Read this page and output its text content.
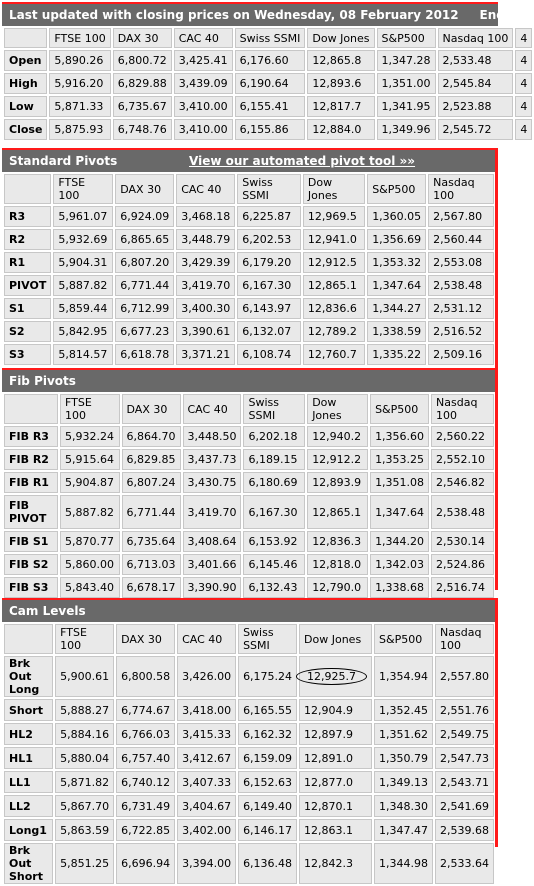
Last updated with closing prices on Wednesday, 08 February 2012 End o
	FTSE 100	DAX 30	CAC 40	Swiss SSMI	Dow Jones	S&P500	Nasdaq 100	4
Open	5,890.26	6,800.72	3,425.41	6,176.60	12,865.8	1,347.28	2,533.48	4
High	5,916.20	6,829.88	3,439.09	6,190.64	12,893.6	1,351.00	2,545.84	4
Low	5,871.33	6,735.67	3,410.00	6,155.41	12,817.7	1,341.95	2,523.88	4
Close	5,875.93	6,748.76	3,410.00	6,155.86	12,884.0	1,349.96	2,545.72	4
Standard Pivots	View our automated pivot tool »»
	FTSE 100	DAX 30	CAC 40	Swiss SSMI	Dow Jones	S&P500	Nasdaq 100
R3	5,961.07	6,924.09	3,468.18	6,225.87	12,969.5	1,360.05	2,567.80
R2	5,932.69	6,865.65	3,448.79	6,202.53	12,941.0	1,356.69	2,560.44
R1	5,904.31	6,807.20	3,429.39	6,179.20	12,912.5	1,353.32	2,553.08
PIVOT	5,887.82	6,771.44	3,419.70	6,167.30	12,865.1	1,347.64	2,538.48
S1	5,859.44	6,712.99	3,400.30	6,143.97	12,836.6	1,344.27	2,531.12
S2	5,842.95	6,677.23	3,390.61	6,132.07	12,789.2	1,338.59	2,516.52
S3	5,814.57	6,618.78	3,371.21	6,108.74	12,760.7	1,335.22	2,509.16
Fib Pivots
	FTSE 100	DAX 30	CAC 40	Swiss SSMI	Dow Jones	S&P500	Nasdaq 100
FIB R3	5,932.24	6,864.70	3,448.50	6,202.18	12,940.2	1,356.60	2,560.22
FIB R2	5,915.64	6,829.85	3,437.73	6,189.15	12,912.2	1,353.25	2,552.10
FIB R1	5,904.87	6,807.24	3,430.75	6,180.69	12,893.9	1,351.08	2,546.82
FIB PIVOT	5,887.82	6,771.44	3,419.70	6,167.30	12,865.1	1,347.64	2,538.48
FIB S1	5,870.77	6,735.64	3,408.64	6,153.92	12,836.3	1,344.20	2,530.14
FIB S2	5,860.00	6,713.03	3,401.66	6,145.46	12,818.0	1,342.03	2,524.86
FIB S3	5,843.40	6,678.17	3,390.90	6,132.43	12,790.0	1,338.68	2,516.74
Cam Levels
	FTSE 100	DAX 30	CAC 40	Swiss SSMI	Dow Jones	S&P500	Nasdaq 100
Brk Out Long	5,900.61	6,800.58	3,426.00	6,175.24	12,925.7	1,354.94	2,557.80
Short	5,888.27	6,774.67	3,418.00	6,165.55	12,904.9	1,352.45	2,551.76
HL2	5,884.16	6,766.03	3,415.33	6,162.32	12,897.9	1,351.62	2,549.75
HL1	5,880.04	6,757.40	3,412.67	6,159.09	12,891.0	1,350.79	2,547.73
LL1	5,871.82	6,740.12	3,407.33	6,152.63	12,877.0	1,349.13	2,543.71
LL2	5,867.70	6,731.49	3,404.67	6,149.40	12,870.1	1,348.30	2,541.69
Long1	5,863.59	6,722.85	3,402.00	6,146.17	12,863.1	1,347.47	2,539.68
Brk Out Short	5,851.25	6,696.94	3,394.00	6,136.48	12,842.3	1,344.98	2,533.64
